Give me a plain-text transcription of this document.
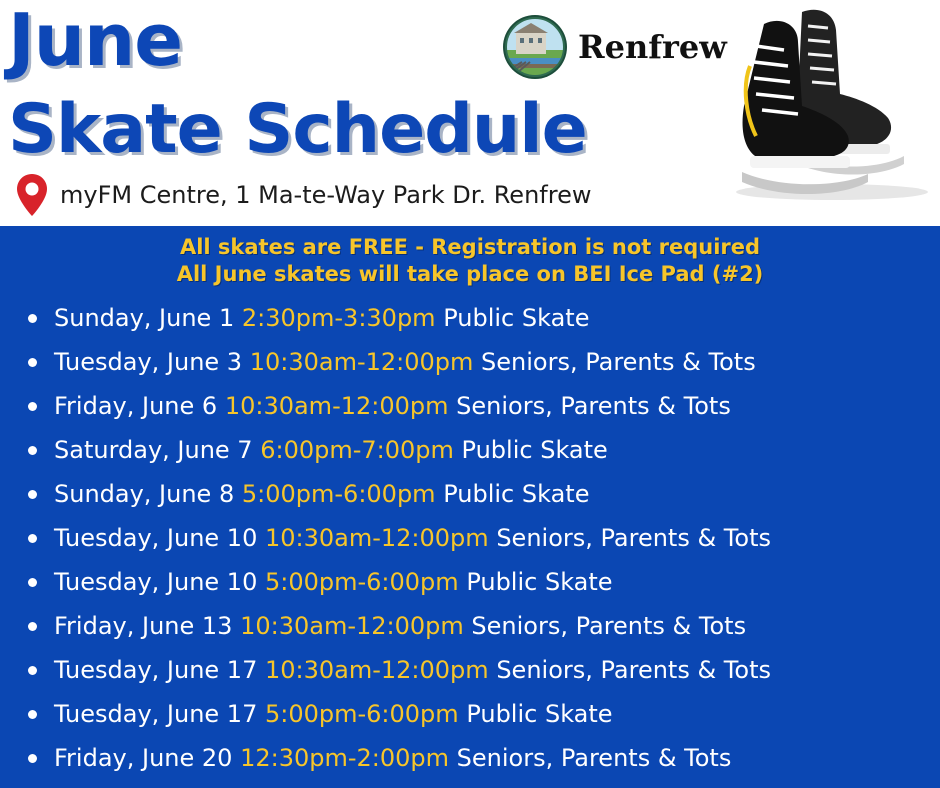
June
Skate Schedule
myFM Centre, 1 Ma-te-Way Park Dr. Renfrew
Renfrew
All skates are FREE - Registration is not required
All June skates will take place on BEI Ice Pad (#2)
Sunday, June 1
2:30pm-3:30pm
Public Skate
Tuesday, June 3
10:30am-12:00pm
Seniors, Parents & Tots
Friday, June 6
10:30am-12:00pm
Seniors, Parents & Tots
Saturday, June 7
6:00pm-7:00pm
Public Skate
Sunday, June 8
5:00pm-6:00pm
Public Skate
Tuesday, June 10
10:30am-12:00pm
Seniors, Parents & Tots
Tuesday, June 10
5:00pm-6:00pm
Public Skate
Friday, June 13
10:30am-12:00pm
Seniors, Parents & Tots
Tuesday, June 17
10:30am-12:00pm
Seniors, Parents & Tots
Tuesday, June 17
5:00pm-6:00pm
Public Skate
Friday, June 20
12:30pm-2:00pm
Seniors, Parents & Tots
